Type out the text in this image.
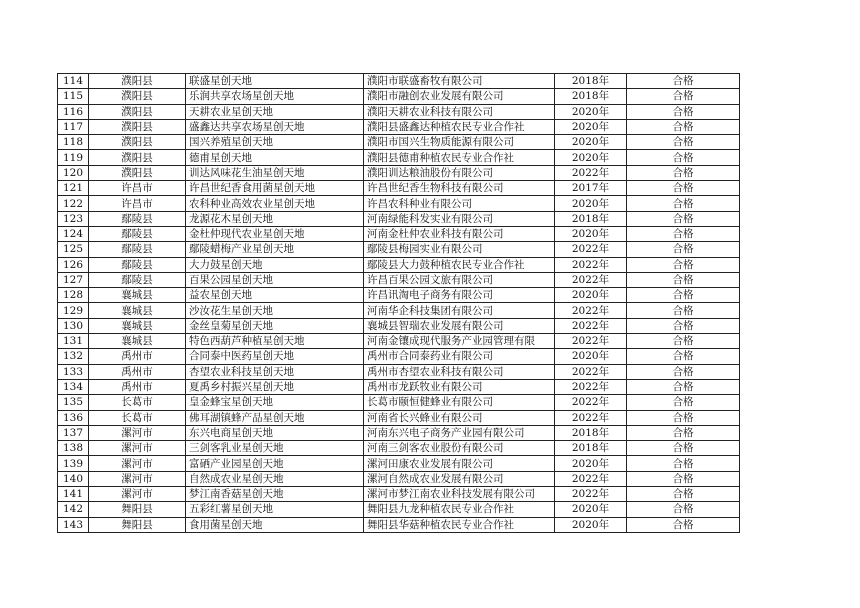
114	濮阳县	联盛星创天地	濮阳市联盛畜牧有限公司	2018年	合格
115	濮阳县	乐润共享农场星创天地	濮阳市融创农业发展有限公司	2018年	合格
116	濮阳县	天耕农业星创天地	濮阳天耕农业科技有限公司	2020年	合格
117	濮阳县	盛鑫达共享农场星创天地	濮阳县盛鑫达种植农民专业合作社	2020年	合格
118	濮阳县	国兴养殖星创天地	濮阳市国兴生物质能源有限公司	2020年	合格
119	濮阳县	德甫星创天地	濮阳县德甫种植农民专业合作社	2020年	合格
120	濮阳县	训达风味花生油星创天地	濮阳训达粮油股份有限公司	2022年	合格
121	许昌市	许昌世纪香食用菌星创天地	许昌世纪香生物科技有限公司	2017年	合格
122	许昌市	农科种业高效农业星创天地	许昌农科种业有限公司	2020年	合格
123	鄢陵县	龙源花木星创天地	河南绿能科发实业有限公司	2018年	合格
124	鄢陵县	金杜仲现代农业星创天地	河南金杜仲农业科技有限公司	2020年	合格
125	鄢陵县	鄢陵蜡梅产业星创天地	鄢陵县梅园实业有限公司	2022年	合格
126	鄢陵县	大力鼓星创天地	鄢陵县大力鼓种植农民专业合作社	2022年	合格
127	鄢陵县	百果公园星创天地	许昌百果公园文旅有限公司	2022年	合格
128	襄城县	益农星创天地	许昌讯淘电子商务有限公司	2020年	合格
129	襄城县	沙汝花生星创天地	河南华企科技集团有限公司	2022年	合格
130	襄城县	金丝皇菊星创天地	襄城县智瑞农业发展有限公司	2022年	合格
131	襄城县	特色西葫芦种植星创天地	河南金镶成现代服务产业园管理有限	2022年	合格
132	禹州市	合同泰中医药星创天地	禹州市合同泰药业有限公司	2020年	合格
133	禹州市	杏望农业科技星创天地	禹州市杏望农业科技有限公司	2022年	合格
134	禹州市	夏禹乡村振兴星创天地	禹州市龙跃牧业有限公司	2022年	合格
135	长葛市	皇金蜂宝星创天地	长葛市颐恒健蜂业有限公司	2022年	合格
136	长葛市	佛耳湖镇蜂产品星创天地	河南省长兴蜂业有限公司	2022年	合格
137	漯河市	东兴电商星创天地	河南东兴电子商务产业园有限公司	2018年	合格
138	漯河市	三剑客乳业星创天地	河南三剑客农业股份有限公司	2018年	合格
139	漯河市	富硒产业园星创天地	漯河田康农业发展有限公司	2020年	合格
140	漯河市	自然成农业星创天地	漯河自然成农业发展有限公司	2022年	合格
141	漯河市	梦江南香菇星创天地	漯河市梦江南农业科技发展有限公司	2022年	合格
142	舞阳县	五彩红薯星创天地	舞阳县九龙种植农民专业合作社	2020年	合格
143	舞阳县	食用菌星创天地	舞阳县华菇种植农民专业合作社	2020年	合格
